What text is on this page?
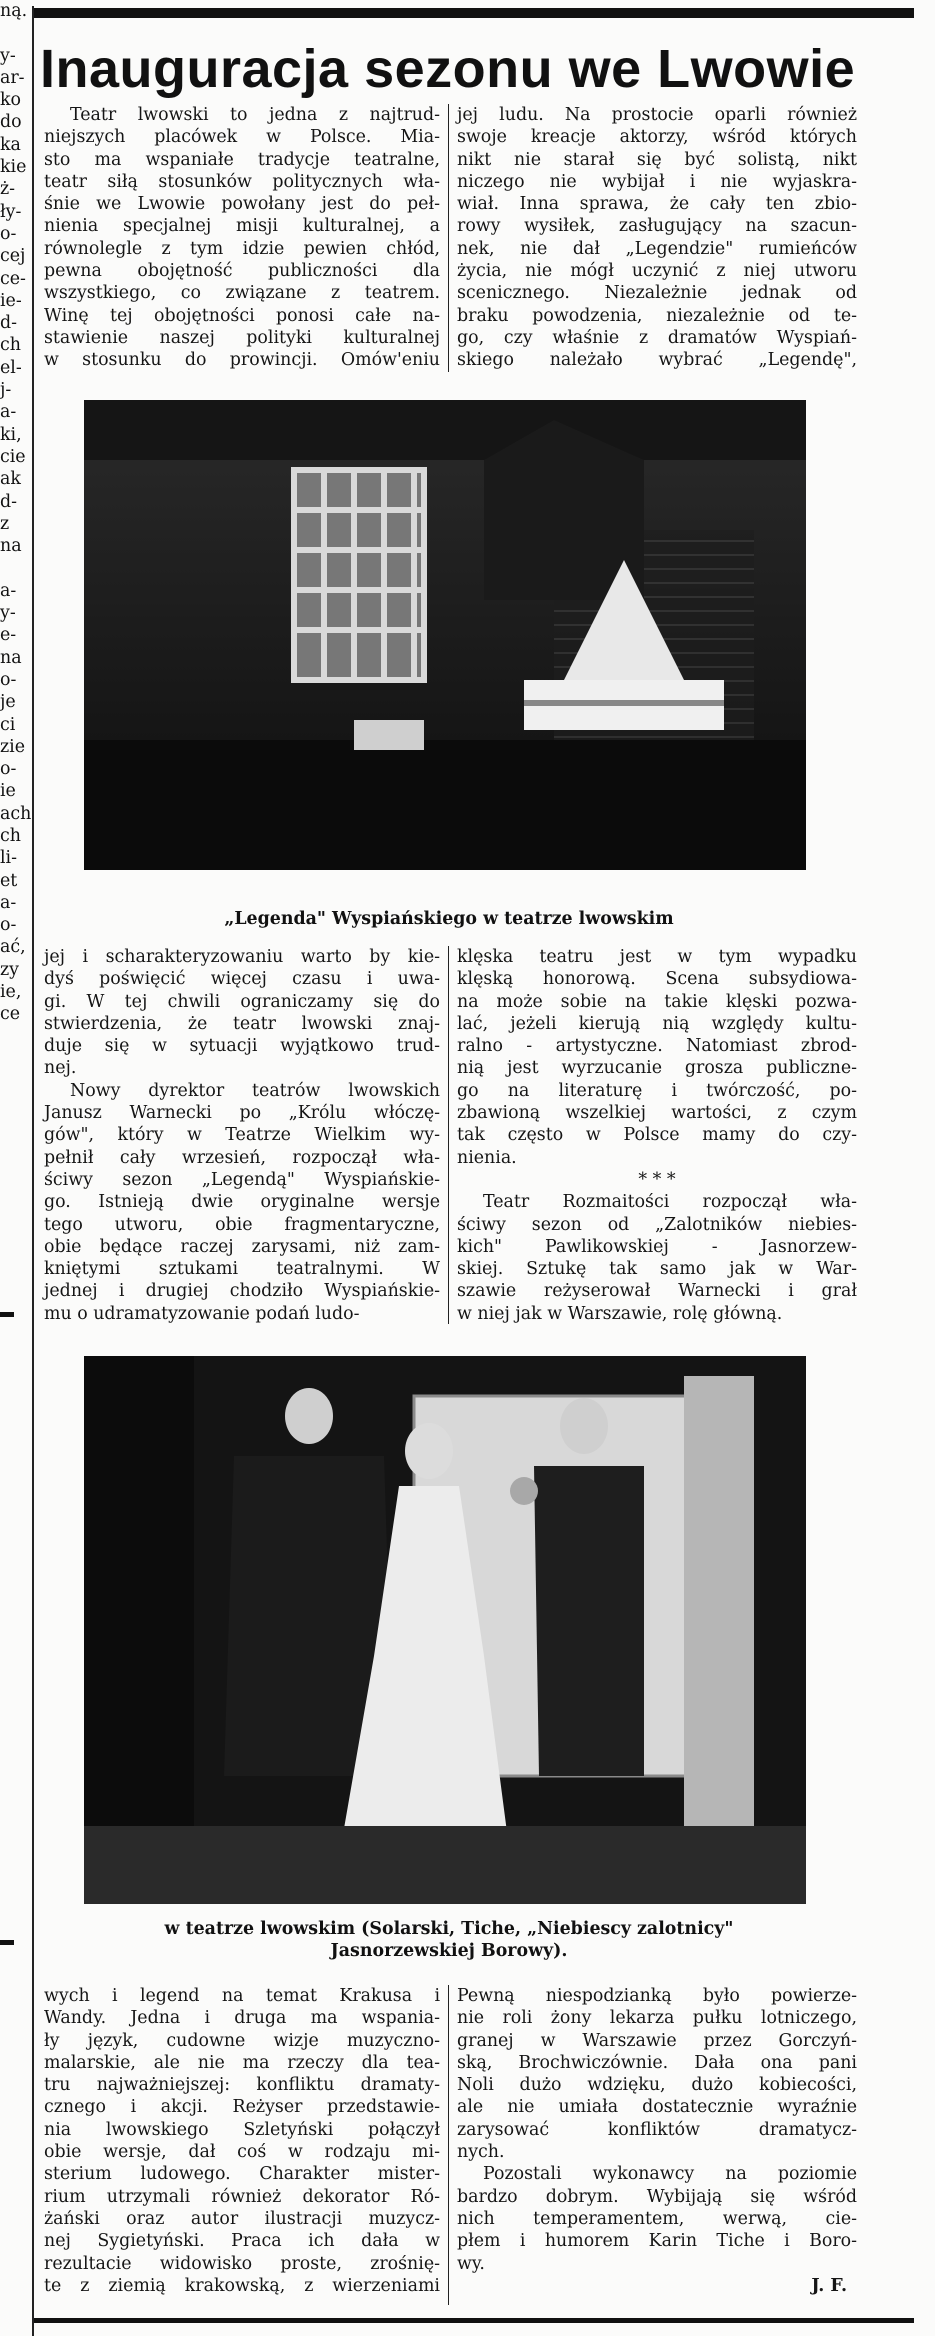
ną.

y-
ar-
ko
do
ka
kie
ż-
ły-
o-
cej
ce-
ie-
d-
ch
el-
j-
a-
ki,
cie
ak
d-
z
na

a-
y-
e-
na
o-
je
ci
zie
o-
ie
ach
ch
li-
et
a-
o-
ać,
zy
ie,
ce
Inauguracja sezonu we Lwowie
Teatr lwowski to jedna z najtrud-
niejszych placówek w Polsce. Mia-
sto ma wspaniałe tradycje teatralne,
teatr siłą stosunków politycznych wła-
śnie we Lwowie powołany jest do peł-
nienia specjalnej misji kulturalnej, a
równolegle z tym idzie pewien chłód,
pewna obojętność publiczności dla
wszystkiego, co związane z teatrem.
Winę tej obojętności ponosi całe na-
stawienie naszej polityki kulturalnej
w stosunku do prowincji. Omów'eniu
jej ludu. Na prostocie oparli również
swoje kreacje aktorzy, wśród których
nikt nie starał się być solistą, nikt
niczego nie wybijał i nie wyjaskra-
wiał. Inna sprawa, że cały ten zbio-
rowy wysiłek, zasługujący na szacun-
nek, nie dał „Legendzie" rumieńców
życia, nie mógł uczynić z niej utworu
scenicznego. Niezależnie jednak od
braku powodzenia, niezależnie od te-
go, czy właśnie z dramatów Wyspiań-
skiego należało wybrać „Legendę",
„Legenda" Wyspiańskiego w teatrze lwowskim
jej i scharakteryzowaniu warto by kie-
dyś poświęcić więcej czasu i uwa-
gi. W tej chwili ograniczamy się do
stwierdzenia, że teatr lwowski znaj-
duje się w sytuacji wyjątkowo trud-
nej.
Nowy dyrektor teatrów lwowskich
Janusz Warnecki po „Królu włóczę-
gów", który w Teatrze Wielkim wy-
pełnił cały wrzesień, rozpoczął wła-
ściwy sezon „Legendą" Wyspiańskie-
go. Istnieją dwie oryginalne wersje
tego utworu, obie fragmentaryczne,
obie będące raczej zarysami, niż zam-
kniętymi sztukami teatralnymi. W
jednej i drugiej chodziło Wyspiańskie-
mu o udramatyzowanie podań ludo-
klęska teatru jest w tym wypadku
klęską honorową. Scena subsydiowa-
na może sobie na takie klęski pozwa-
lać, jeżeli kierują nią względy kultu-
ralno - artystyczne. Natomiast zbrod-
nią jest wyrzucanie grosza publiczne-
go na literaturę i twórczość, po-
zbawioną wszelkiej wartości, z czym
tak często w Polsce mamy do czy-
nienia.
* * *
Teatr Rozmaitości rozpoczął wła-
ściwy sezon od „Zalotników niebies-
kich" Pawlikowskiej - Jasnorzew-
skiej. Sztukę tak samo jak w War-
szawie reżyserował Warnecki i grał
w niej jak w Warszawie, rolę główną.
w teatrze lwowskim (Solarski, Tiche, „Niebiescy zalotnicy"
Jasnorzewskiej Borowy).
wych i legend na temat Krakusa i
Wandy. Jedna i druga ma wspania-
ły język, cudowne wizje muzyczno-
malarskie, ale nie ma rzeczy dla tea-
tru najważniejszej: konfliktu dramaty-
cznego i akcji. Reżyser przedstawie-
nia lwowskiego Szletyński połączył
obie wersje, dał coś w rodzaju mi-
sterium ludowego. Charakter mister-
rium utrzymali również dekorator Ró-
żański oraz autor ilustracji muzycz-
nej Sygietyński. Praca ich dała w
rezultacie widowisko proste, zrośnię-
te z ziemią krakowską, z wierzeniami
Pewną niespodzianką było powierze-
nie roli żony lekarza pułku lotniczego,
granej w Warszawie przez Gorczyń-
ską, Brochwiczównie. Dała ona pani
Noli dużo wdzięku, dużo kobiecości,
ale nie umiała dostatecznie wyraźnie
zarysować konfliktów dramatycz-
nych.
Pozostali wykonawcy na poziomie
bardzo dobrym. Wybijają się wśród
nich temperamentem, werwą, cie-
płem i humorem Karin Tiche i Boro-
wy.
J. F.
